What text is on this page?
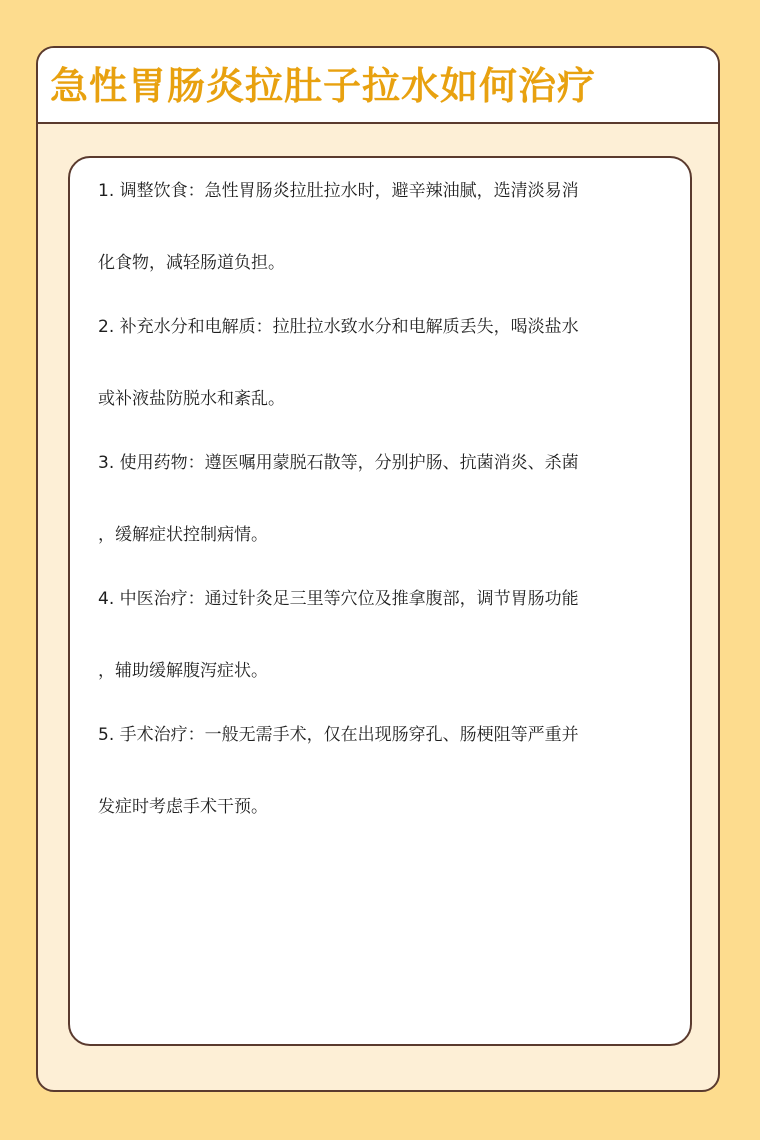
急性胃肠炎拉肚子拉水如何治疗

1. 调整饮食：急性胃肠炎拉肚拉水时，避辛辣油腻，选清淡易消
化食物，减轻肠道负担。

2. 补充水分和电解质：拉肚拉水致水分和电解质丢失，喝淡盐水
或补液盐防脱水和紊乱。

3. 使用药物：遵医嘱用蒙脱石散等，分别护肠、抗菌消炎、杀菌
，缓解症状控制病情。

4. 中医治疗：通过针灸足三里等穴位及推拿腹部，调节胃肠功能
，辅助缓解腹泻症状。

5. 手术治疗：一般无需手术，仅在出现肠穿孔、肠梗阻等严重并
发症时考虑手术干预。
